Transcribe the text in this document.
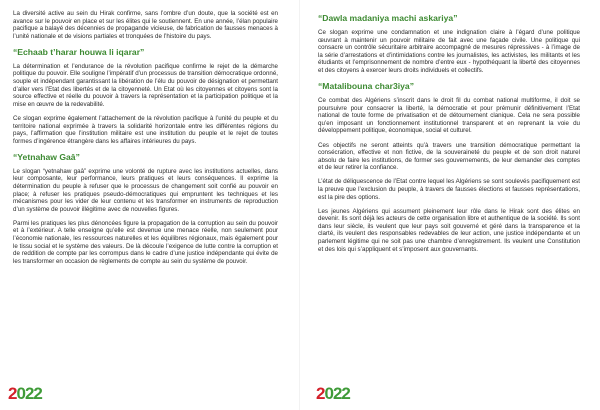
La diversité active au sein du Hirak confirme, sans l’ombre d’un doute, que la société est en avance sur le pouvoir en place et sur les élites qui le soutiennent. En une année, l’élan populaire pacifique a balayé des décennies de propagande vicieuse, de fabrication de fausses menaces à l’unité nationale et de visions partiales et tronquées de l’histoire du pays.

“Echaab t’harar houwa li iqarar”

La détermination et l’endurance de la révolution pacifique confirme le rejet de la démarche politique du pouvoir. Elle souligne l’impératif d’un processus de transition démocratique ordonné, souple et indépendant garantissant la libération de l’élu du pouvoir de désignation et permettant d’aller vers l’Etat des libertés et de la citoyenneté. Un Etat où les citoyennes et citoyens sont la source effective et réelle du pouvoir à travers la représentation et la participation politique et la mise en œuvre de la redevabilité.

Ce slogan exprime également l’attachement de la révolution pacifique à l’unité du peuple et du territoire national exprimée à travers la solidarité horizontale entre les différentes régions du pays, l’affirmation que l’institution militaire est une institution du peuple et le rejet de toutes formes d’ingérence étrangère dans les affaires intérieures du pays.

“Yetnahaw Gaâ”

Le slogan “yetnahaw gaâ” exprime une volonté de rupture avec les institutions actuelles, dans leur composante, leur performance, leurs pratiques et leurs conséquences. Il exprime la détermination du peuple à refuser que le processus de changement soit confié au pouvoir en place; à refuser les pratiques pseudo-démocratiques qui empruntent les techniques et les mécanismes pour les vider de leur contenu et les transformer en instruments de reproduction d’un système de pouvoir illégitime avec de nouvelles figures.

Parmi les pratiques les plus dénoncées figure la propagation de la corruption au sein du pouvoir et à l’extérieur. A telle enseigne qu’elle est devenue une menace réelle, non seulement pour l’économie nationale, les ressources naturelles et les équilibres régionaux, mais également pour le tissu social et le système des valeurs. De là découle l’exigence de lutte contre la corruption et de reddition de compte par les corrompus dans le cadre d’une justice indépendante qui évite de les transformer en occasion de règlements de compte au sein du système de pouvoir.

“Dawla madaniya machi askariya”

Ce slogan exprime une condamnation et une indignation claire à l’égard d’une politique œuvrant à maintenir un pouvoir militaire de fait avec une façade civile. Une politique qui consacre un contrôle sécuritaire arbitraire accompagné de mesures répressives - à l’image de la série d’arrestations et d’intimidations contre les journalistes, les activistes, les militants et les étudiants et l’emprisonnement de nombre d’entre eux - hypothéquant la liberté des citoyennes et des citoyens à exercer leurs droits individuels et collectifs.

“Matalibouna char3iya”

Ce combat des Algériens s’inscrit dans le droit fil du combat national multiforme, il doit se poursuivre pour consacrer la liberté, la démocratie et pour prémunir définitivement l’Etat national de toute forme de privatisation et de détournement clanique. Cela ne sera possible qu’en imposant un fonctionnement institutionnel transparent et en reprenant la voie du développement politique, économique, social et culturel.

Ces objectifs ne seront atteints qu’à travers une transition démocratique permettant la consécration, effective et non fictive, de la souveraineté du peuple et de son droit naturel absolu de faire les institutions, de former ses gouvernements, de leur demander des comptes et de leur retirer la confiance.

L’état de déliquescence de l’Etat contre lequel les Algériens se sont soulevés pacifiquement est la preuve que l’exclusion du peuple, à travers de fausses élections et fausses représentations, est la pire des options.

Les jeunes Algériens qui assument pleinement leur rôle dans le Hirak sont des élites en devenir. Ils sont déjà les acteurs de cette organisation libre et authentique de la société. Ils sont dans leur siècle, ils veulent que leur pays soit gouverné et géré dans la transparence et la clarté, ils veulent des responsables redevables de leur action, une justice indépendante et un parlement légitime qui ne soit pas une chambre d’enregistrement. Ils veulent une Constitution et des lois qui s’appliquent et s’imposent aux gouvernants.

2022	2022
